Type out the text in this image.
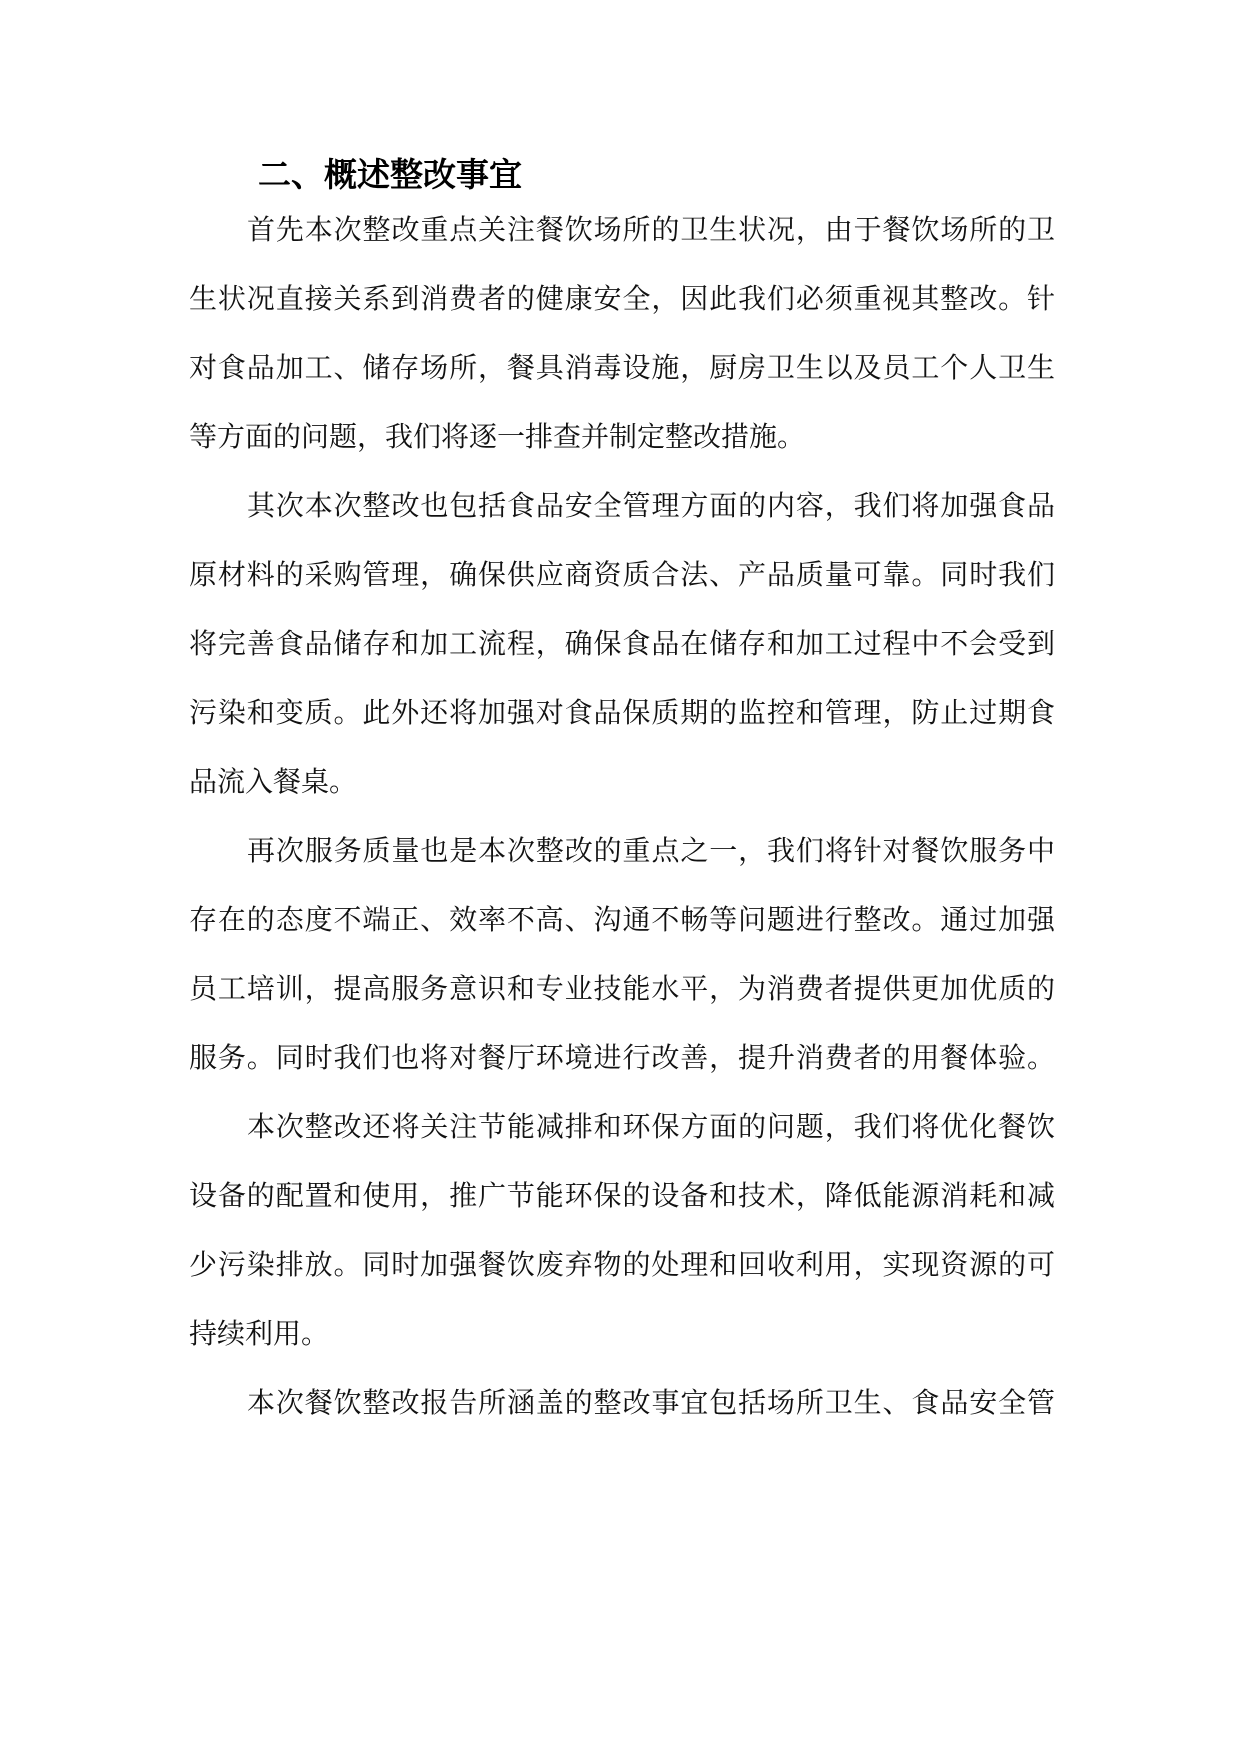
二、概述整改事宜
首先本次整改重点关注餐饮场所的卫生状况，由于餐饮场所的卫
生状况直接关系到消费者的健康安全，因此我们必须重视其整改。针
对食品加工、储存场所，餐具消毒设施，厨房卫生以及员工个人卫生
等方面的问题，我们将逐一排查并制定整改措施。
其次本次整改也包括食品安全管理方面的内容，我们将加强食品
原材料的采购管理，确保供应商资质合法、产品质量可靠。同时我们
将完善食品储存和加工流程，确保食品在储存和加工过程中不会受到
污染和变质。此外还将加强对食品保质期的监控和管理，防止过期食
品流入餐桌。
再次服务质量也是本次整改的重点之一，我们将针对餐饮服务中
存在的态度不端正、效率不高、沟通不畅等问题进行整改。通过加强
员工培训，提高服务意识和专业技能水平，为消费者提供更加优质的
服务。同时我们也将对餐厅环境进行改善，提升消费者的用餐体验。
本次整改还将关注节能减排和环保方面的问题，我们将优化餐饮
设备的配置和使用，推广节能环保的设备和技术，降低能源消耗和减
少污染排放。同时加强餐饮废弃物的处理和回收利用，实现资源的可
持续利用。
本次餐饮整改报告所涵盖的整改事宜包括场所卫生、食品安全管
